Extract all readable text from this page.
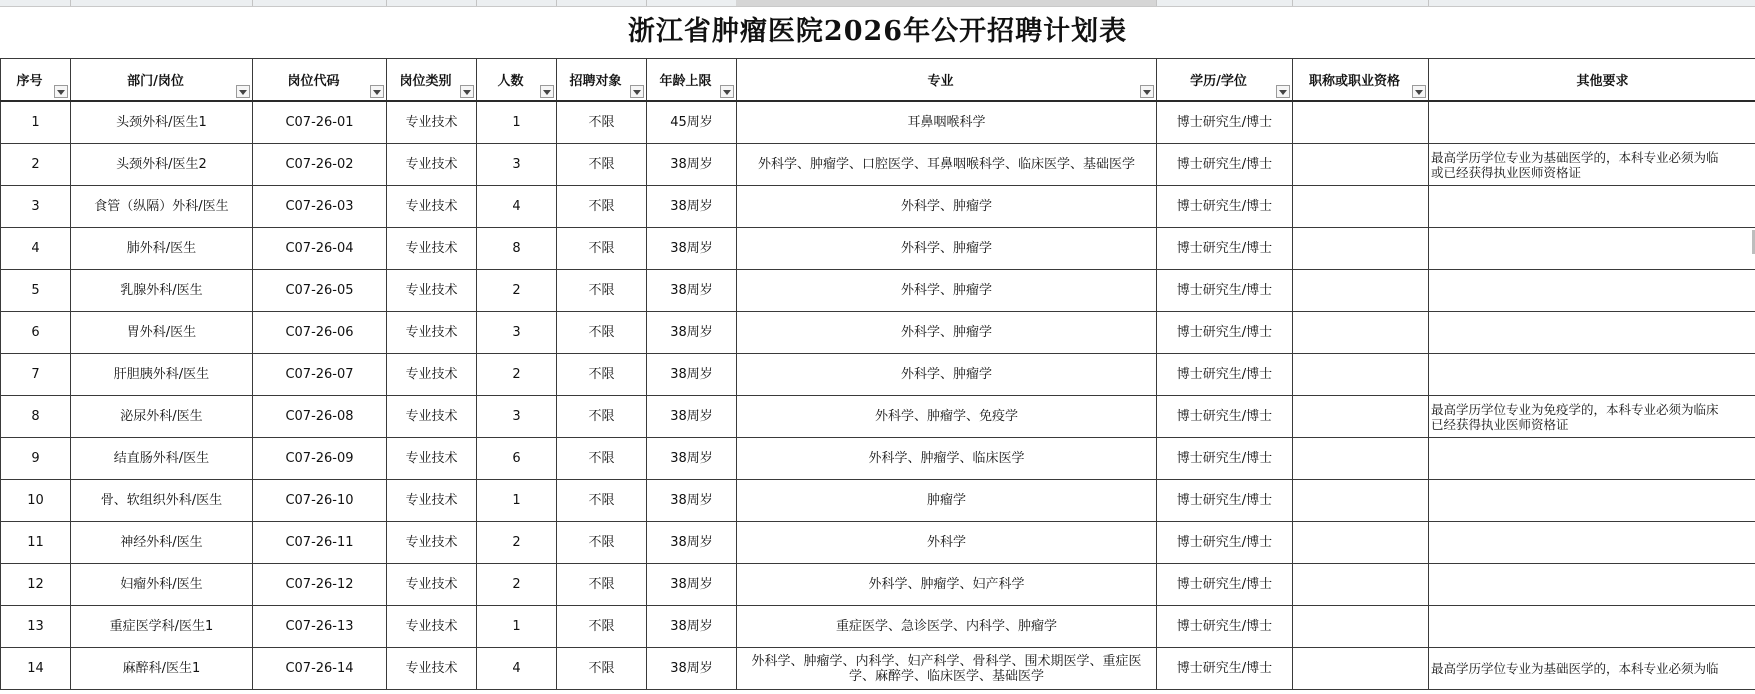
浙江省肿瘤医院2026年公开招聘计划表
序号	部门/岗位	岗位代码	岗位类别	人数	招聘对象	年龄上限	专业	学历/学位	职称或职业资格	其他要求
1	头颈外科/医生1	C07-26-01	专业技术	1	不限	45周岁	耳鼻咽喉科学	博士研究生/博士		
2	头颈外科/医生2	C07-26-02	专业技术	3	不限	38周岁	外科学、肿瘤学、口腔医学、耳鼻咽喉科学、临床医学、基础医学	博士研究生/博士		最高学历学位专业为基础医学的，本科专业必须为临
或已经获得执业医师资格证
3	食管（纵隔）外科/医生	C07-26-03	专业技术	4	不限	38周岁	外科学、肿瘤学	博士研究生/博士		
4	肺外科/医生	C07-26-04	专业技术	8	不限	38周岁	外科学、肿瘤学	博士研究生/博士		
5	乳腺外科/医生	C07-26-05	专业技术	2	不限	38周岁	外科学、肿瘤学	博士研究生/博士		
6	胃外科/医生	C07-26-06	专业技术	3	不限	38周岁	外科学、肿瘤学	博士研究生/博士		
7	肝胆胰外科/医生	C07-26-07	专业技术	2	不限	38周岁	外科学、肿瘤学	博士研究生/博士		
8	泌尿外科/医生	C07-26-08	专业技术	3	不限	38周岁	外科学、肿瘤学、免疫学	博士研究生/博士		最高学历学位专业为免疫学的，本科专业必须为临床
已经获得执业医师资格证
9	结直肠外科/医生	C07-26-09	专业技术	6	不限	38周岁	外科学、肿瘤学、临床医学	博士研究生/博士		
10	骨、软组织外科/医生	C07-26-10	专业技术	1	不限	38周岁	肿瘤学	博士研究生/博士		
11	神经外科/医生	C07-26-11	专业技术	2	不限	38周岁	外科学	博士研究生/博士		
12	妇瘤外科/医生	C07-26-12	专业技术	2	不限	38周岁	外科学、肿瘤学、妇产科学	博士研究生/博士		
13	重症医学科/医生1	C07-26-13	专业技术	1	不限	38周岁	重症医学、急诊医学、内科学、肿瘤学	博士研究生/博士		
14	麻醉科/医生1	C07-26-14	专业技术	4	不限	38周岁	外科学、肿瘤学、内科学、妇产科学、骨科学、围术期医学、重症医学、麻醉学、临床医学、基础医学	博士研究生/博士		最高学历学位专业为基础医学的，本科专业必须为临
